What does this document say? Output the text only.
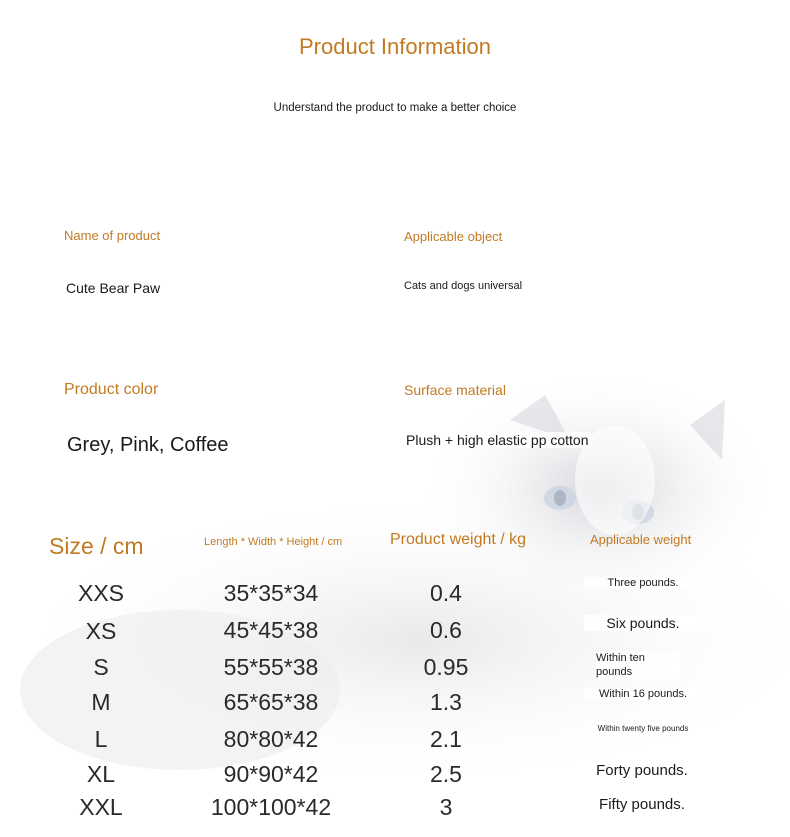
Product Information
Understand the product to make a better choice
Name of product
Cute Bear Paw
Applicable object
Cats and dogs universal
Product color
Grey, Pink, Coffee
Surface material
Plush + high elastic pp cotton
Size / cm	Length * Width * Height / cm	Product weight / kg	Applicable weight
XXS	35*35*34	0.4	Three pounds.
XS	45*45*38	0.6	Six pounds.
S	55*55*38	0.95	Within ten pounds
M	65*65*38	1.3	Within 16 pounds.
L	80*80*42	2.1	Within twenty five pounds
XL	90*90*42	2.5	Forty pounds.
XXL	100*100*42	3	Fifty pounds.
